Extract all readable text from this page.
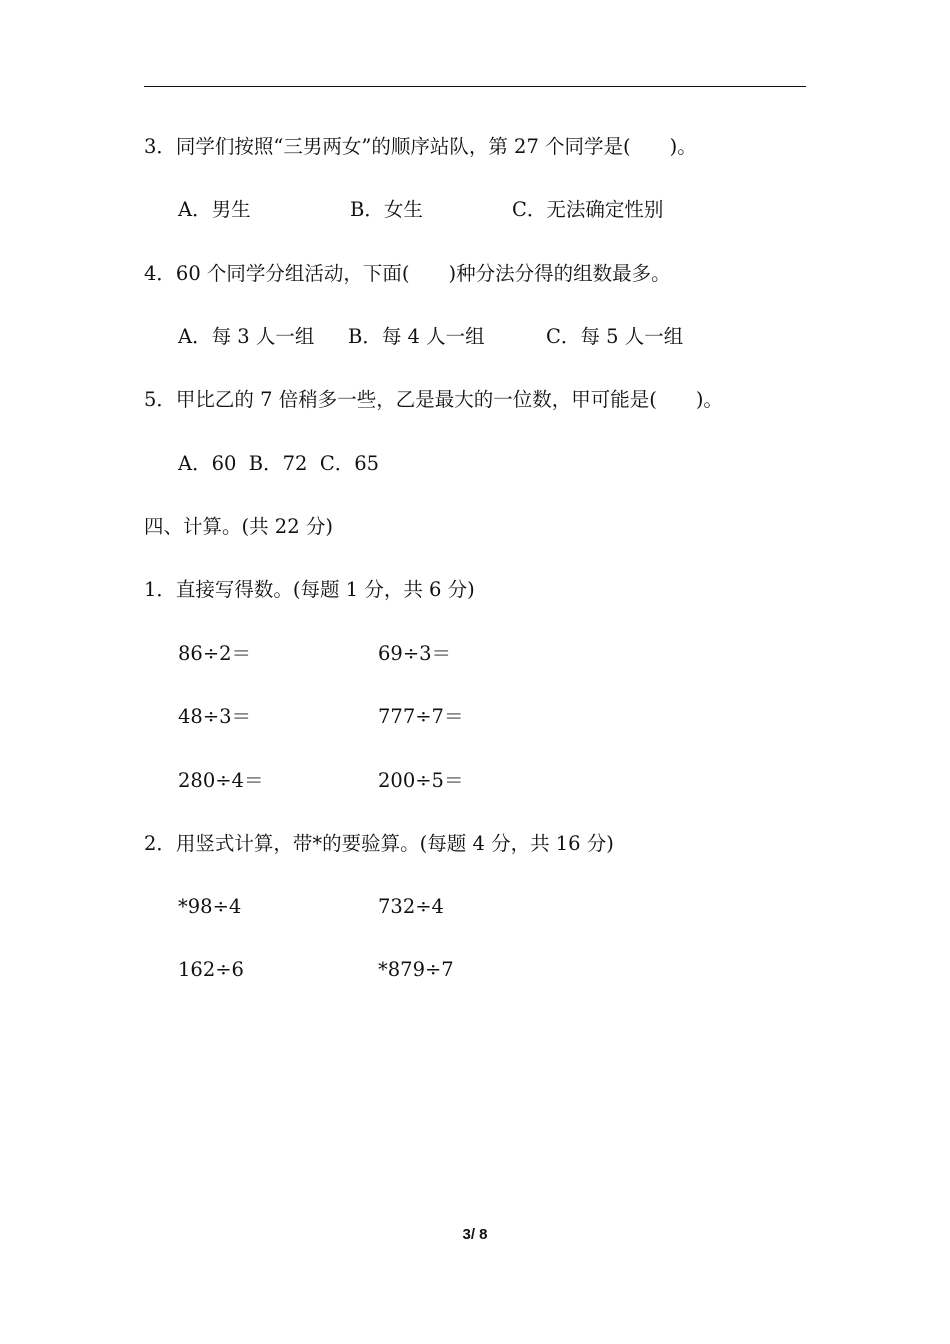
3．同学们按照“三男两女”的顺序站队，第 27 个同学是(　　)。
A．男生	B．女生	C．无法确定性别
4．60 个同学分组活动，下面(　　)种分法分得的组数最多。
A．每 3 人一组 B．每 4 人一组	C．每 5 人一组
5．甲比乙的 7 倍稍多一些，乙是最大的一位数，甲可能是(　　)。
A．60  B．72  C．65
四、计算。(共 22 分)
1．直接写得数。(每题 1 分，共 6 分)
86÷2＝	69÷3＝
48÷3＝	777÷7＝
280÷4＝	200÷5＝
2．用竖式计算，带*的要验算。(每题 4 分，共 16 分)
*98÷4	732÷4
162÷6	*879÷7
3/ 8
